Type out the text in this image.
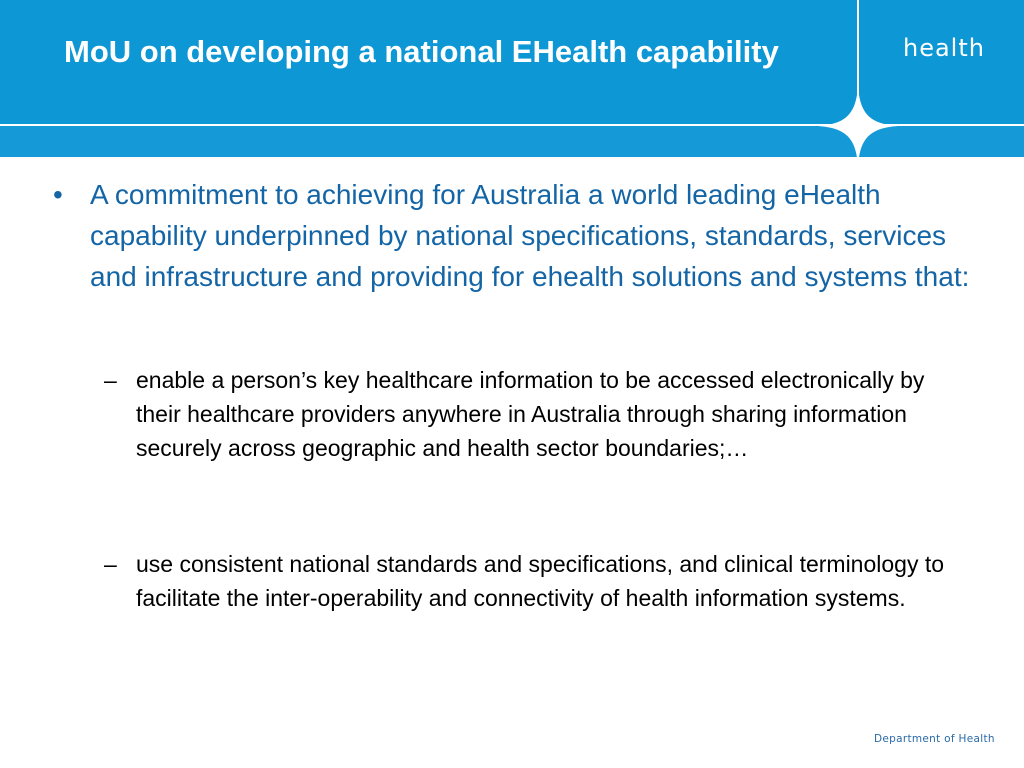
MoU on developing a national EHealth capability	health
• A commitment to achieving for Australia a world leading eHealth capability underpinned by national specifications, standards, services and infrastructure and providing for ehealth solutions and systems that:
– enable a person’s key healthcare information to be accessed electronically by their healthcare providers anywhere in Australia through sharing information securely across geographic and health sector boundaries;…
– use consistent national standards and specifications, and clinical terminology to facilitate the inter-operability and connectivity of health information systems.
Department of Health
